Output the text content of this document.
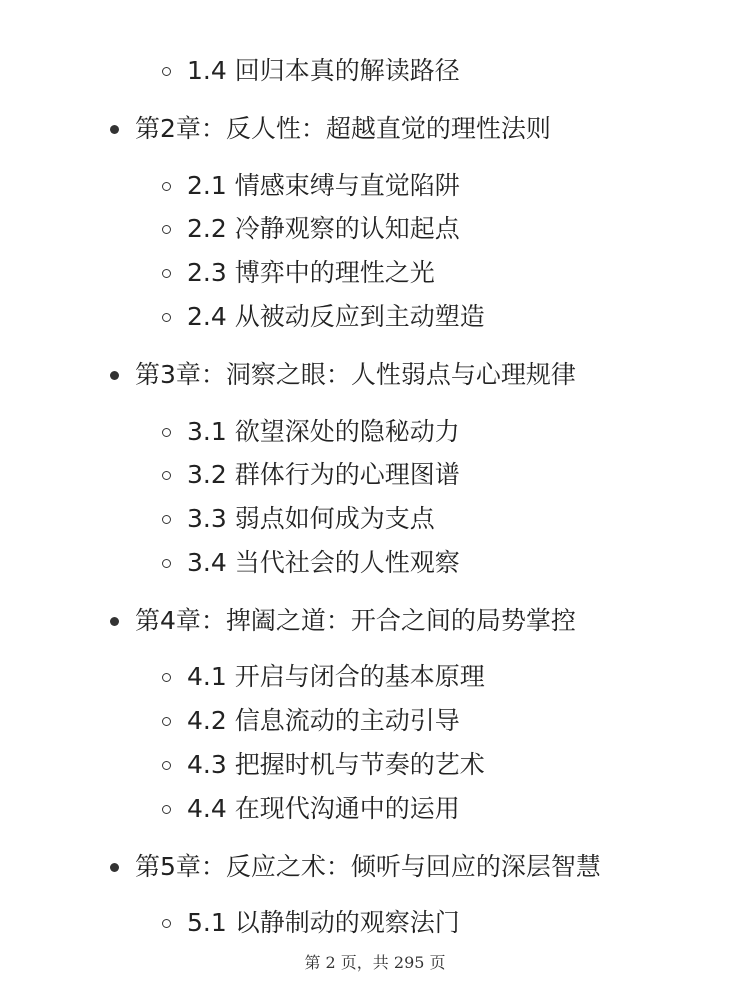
1.4 回归本真的解读路径
第2章：反人性：超越直觉的理性法则
2.1 情感束缚与直觉陷阱
2.2 冷静观察的认知起点
2.3 博弈中的理性之光
2.4 从被动反应到主动塑造
第3章：洞察之眼：人性弱点与心理规律
3.1 欲望深处的隐秘动力
3.2 群体行为的心理图谱
3.3 弱点如何成为支点
3.4 当代社会的人性观察
第4章：捭阖之道：开合之间的局势掌控
4.1 开启与闭合的基本原理
4.2 信息流动的主动引导
4.3 把握时机与节奏的艺术
4.4 在现代沟通中的运用
第5章：反应之术：倾听与回应的深层智慧
5.1 以静制动的观察法门
第 2 页，共 295 页
